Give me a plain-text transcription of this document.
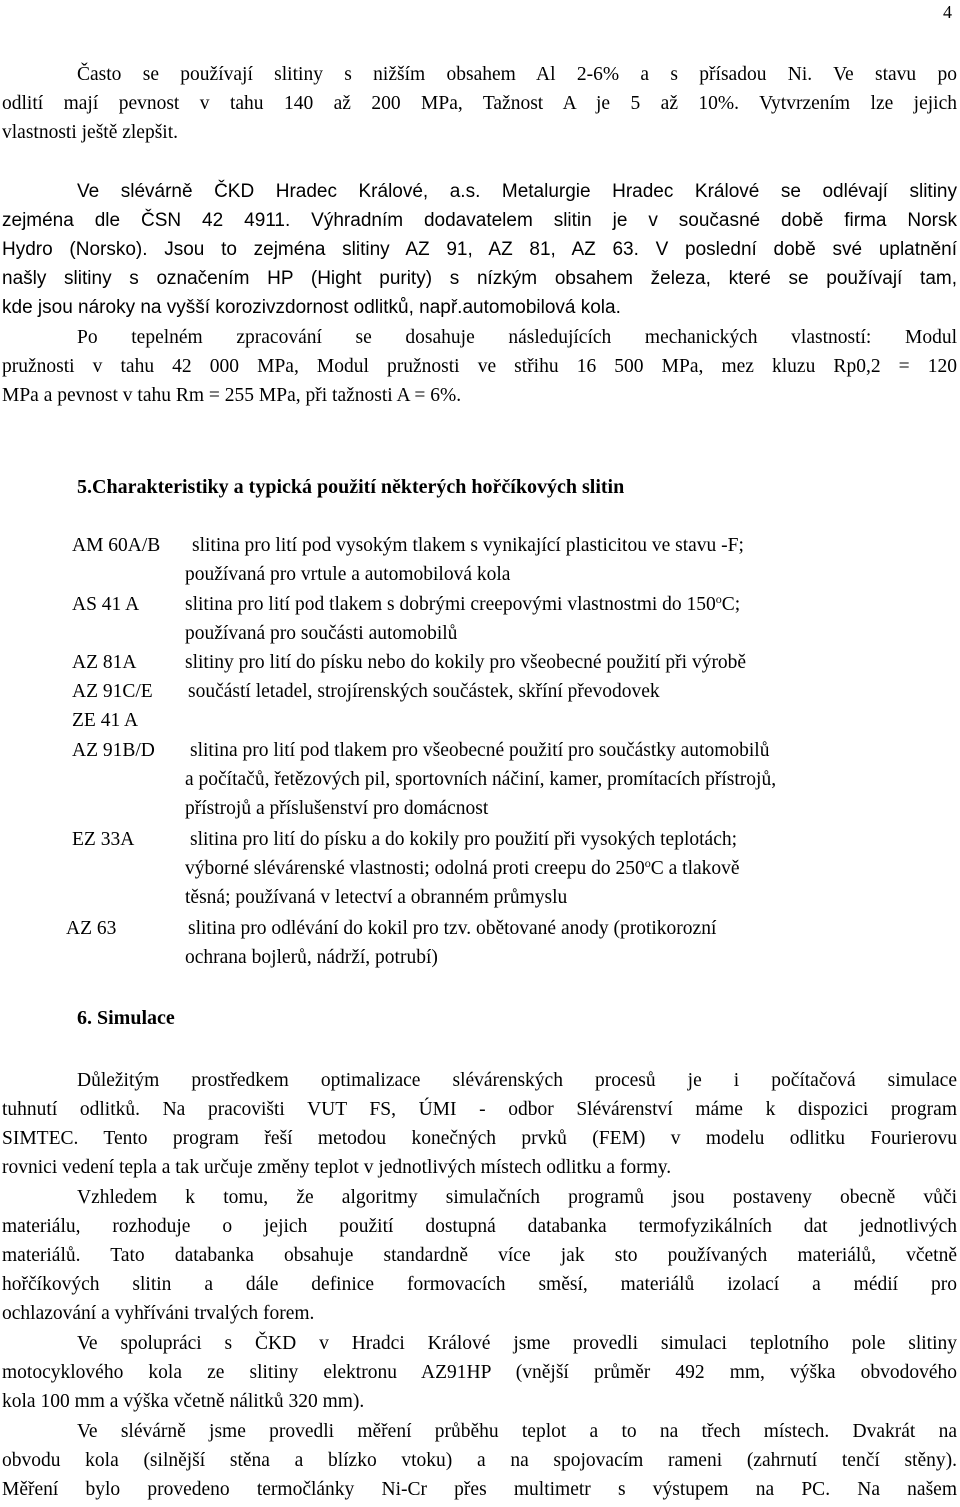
4
Často se používají slitiny s nižším obsahem Al 2-6% a s přísadou Ni. Ve stavu po
odlití mají pevnost v tahu 140 až 200 MPa, Tažnost A je 5 až 10%. Vytvrzením lze jejich
vlastnosti ještě zlepšit.
Ve slévárně ČKD Hradec Králové, a.s. Metalurgie Hradec Králové se odlévají slitiny
zejména dle ČSN 42 4911. Výhradním dodavatelem slitin je v současné době firma Norsk
Hydro (Norsko). Jsou to zejména slitiny AZ 91, AZ 81, AZ 63. V poslední době své uplatnění
našly slitiny s označením HP (Hight purity) s nízkým obsahem železa, které se používají tam,
kde jsou nároky na vyšší korozivzdornost odlitků, např.automobilová kola.
Po tepelném zpracování se dosahuje následujících mechanických vlastností: Modul
pružnosti v tahu 42 000 MPa, Modul pružnosti ve střihu 16 500 MPa, mez kluzu Rp0,2 = 120
MPa a pevnost v tahu Rm = 255 MPa, při tažnosti A = 6%.
5.Charakteristiky a typická použití některých hořčíkových slitin
AM 60A/B slitina pro lití pod vysokým tlakem s vynikající plasticitou ve stavu -F;
používaná pro vrtule a automobilová kola
AS 41 A slitina pro lití pod tlakem s dobrými creepovými vlastnostmi do 150$^o$C;
používaná pro součásti automobilů
AZ 81A slitiny pro lití do písku nebo do kokily pro všeobecné použití při výrobě
AZ 91C/E součástí letadel, strojírenských součástek, skříní převodovek
ZE 41 A
AZ 91B/D slitina pro lití pod tlakem pro všeobecné použití pro součástky automobilů
a počítačů, řetězových pil, sportovních náčiní, kamer, promítacích přístrojů,
přístrojů a příslušenství pro domácnost
EZ 33A	slitina pro lití do písku a do kokily pro použití při vysokých teplotách;
výborné slévárenské vlastnosti; odolná proti creepu do 250$^o$C a tlakově
těsná; používaná v letectví a obranném průmyslu
AZ 63	slitina pro odlévání do kokil pro tzv. obětované anody (protikorozní
ochrana bojlerů, nádrží, potrubí)
6. Simulace
Důležitým prostředkem optimalizace slévárenských procesů je i počítačová simulace
tuhnutí odlitků. Na pracovišti VUT FS, ÚMI - odbor Slévárenství máme k dispozici program
SIMTEC. Tento program řeší metodou konečných prvků (FEM) v modelu odlitku Fourierovu
rovnici vedení tepla a tak určuje změny teplot v jednotlivých místech odlitku a formy.
Vzhledem k tomu, že algoritmy simulačních programů jsou postaveny obecně vůči
materiálu, rozhoduje o jejich použití dostupná databanka termofyzikálních dat jednotlivých
materiálů. Tato databanka obsahuje standardně více jak sto používaných materiálů, včetně
hořčíkových slitin a dále definice formovacích směsí, materiálů izolací a médií pro
ochlazování a vyhříváni trvalých forem.
Ve spolupráci s ČKD v Hradci Králové jsme provedli simulaci teplotního pole slitiny
motocyklového kola ze slitiny elektronu AZ91HP (vnější průměr 492 mm, výška obvodového
kola 100 mm a výška včetně nálitků 320 mm).
Ve slévárně jsme provedli měření průběhu teplot a to na třech místech. Dvakrát na
obvodu kola (silnější stěna a blízko vtoku) a na spojovacím rameni (zahrnutí tenčí stěny).
Měření bylo provedeno termočlánky Ni-Cr přes multimetr s výstupem na PC. Na našem
